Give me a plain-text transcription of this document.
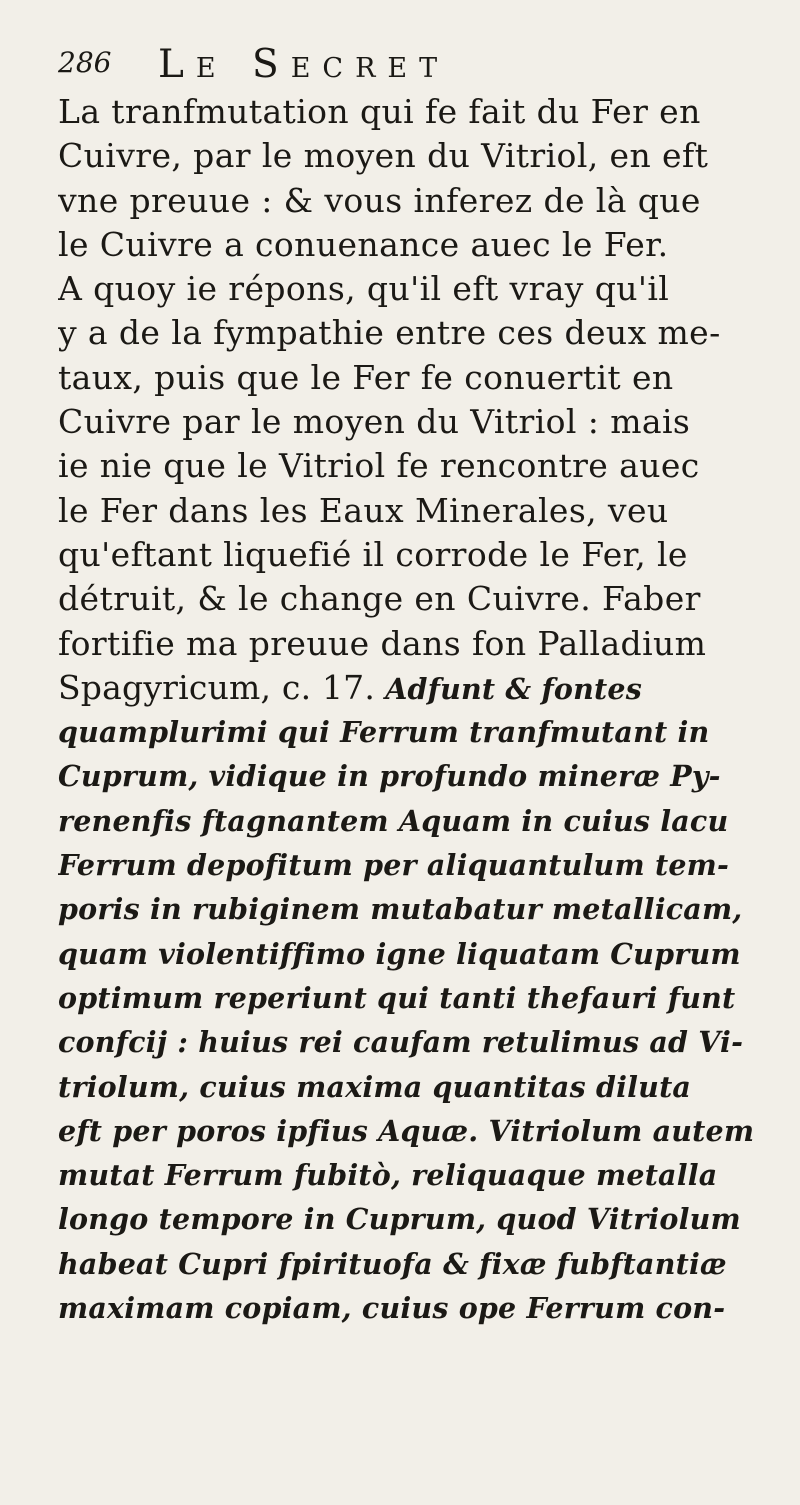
286 Le Secret
La tranfmutation qui fe fait du Fer en
Cuivre, par le moyen du Vitriol, en eft
vne preuue : & vous inferez de là que
le Cuivre a conuenance auec le Fer.
A quoy ie répons, qu'il eft vray qu'il
y a de la fympathie entre ces deux me-
taux, puis que le Fer fe conuertit en
Cuivre par le moyen du Vitriol : mais
ie nie que le Vitriol fe rencontre auec
le Fer dans les Eaux Minerales, veu
qu'eftant liquefié il corrode le Fer, le
détruit, & le change en Cuivre. Faber
fortifie ma preuue dans fon Palladium
Spagyricum, c. 17. Adfunt & fontes
quamplurimi qui Ferrum tranfmutant in
Cuprum, vidique in profundo mineræ Py-
renenfis ftagnantem Aquam in cuius lacu
Ferrum depofitum per aliquantulum tem-
poris in rubiginem mutabatur metallicam,
quam violentiffimo igne liquatam Cuprum
optimum reperiunt qui tanti thefauri funt
confcij : huius rei caufam retulimus ad Vi-
triolum, cuius maxima quantitas diluta
eft per poros ipfius Aquæ. Vitriolum autem
mutat Ferrum fubitò, reliquaque metalla
longo tempore in Cuprum, quod Vitriolum
habeat Cupri fpirituofa & fixæ fubftantiæ
maximam copiam, cuius ope Ferrum con-
